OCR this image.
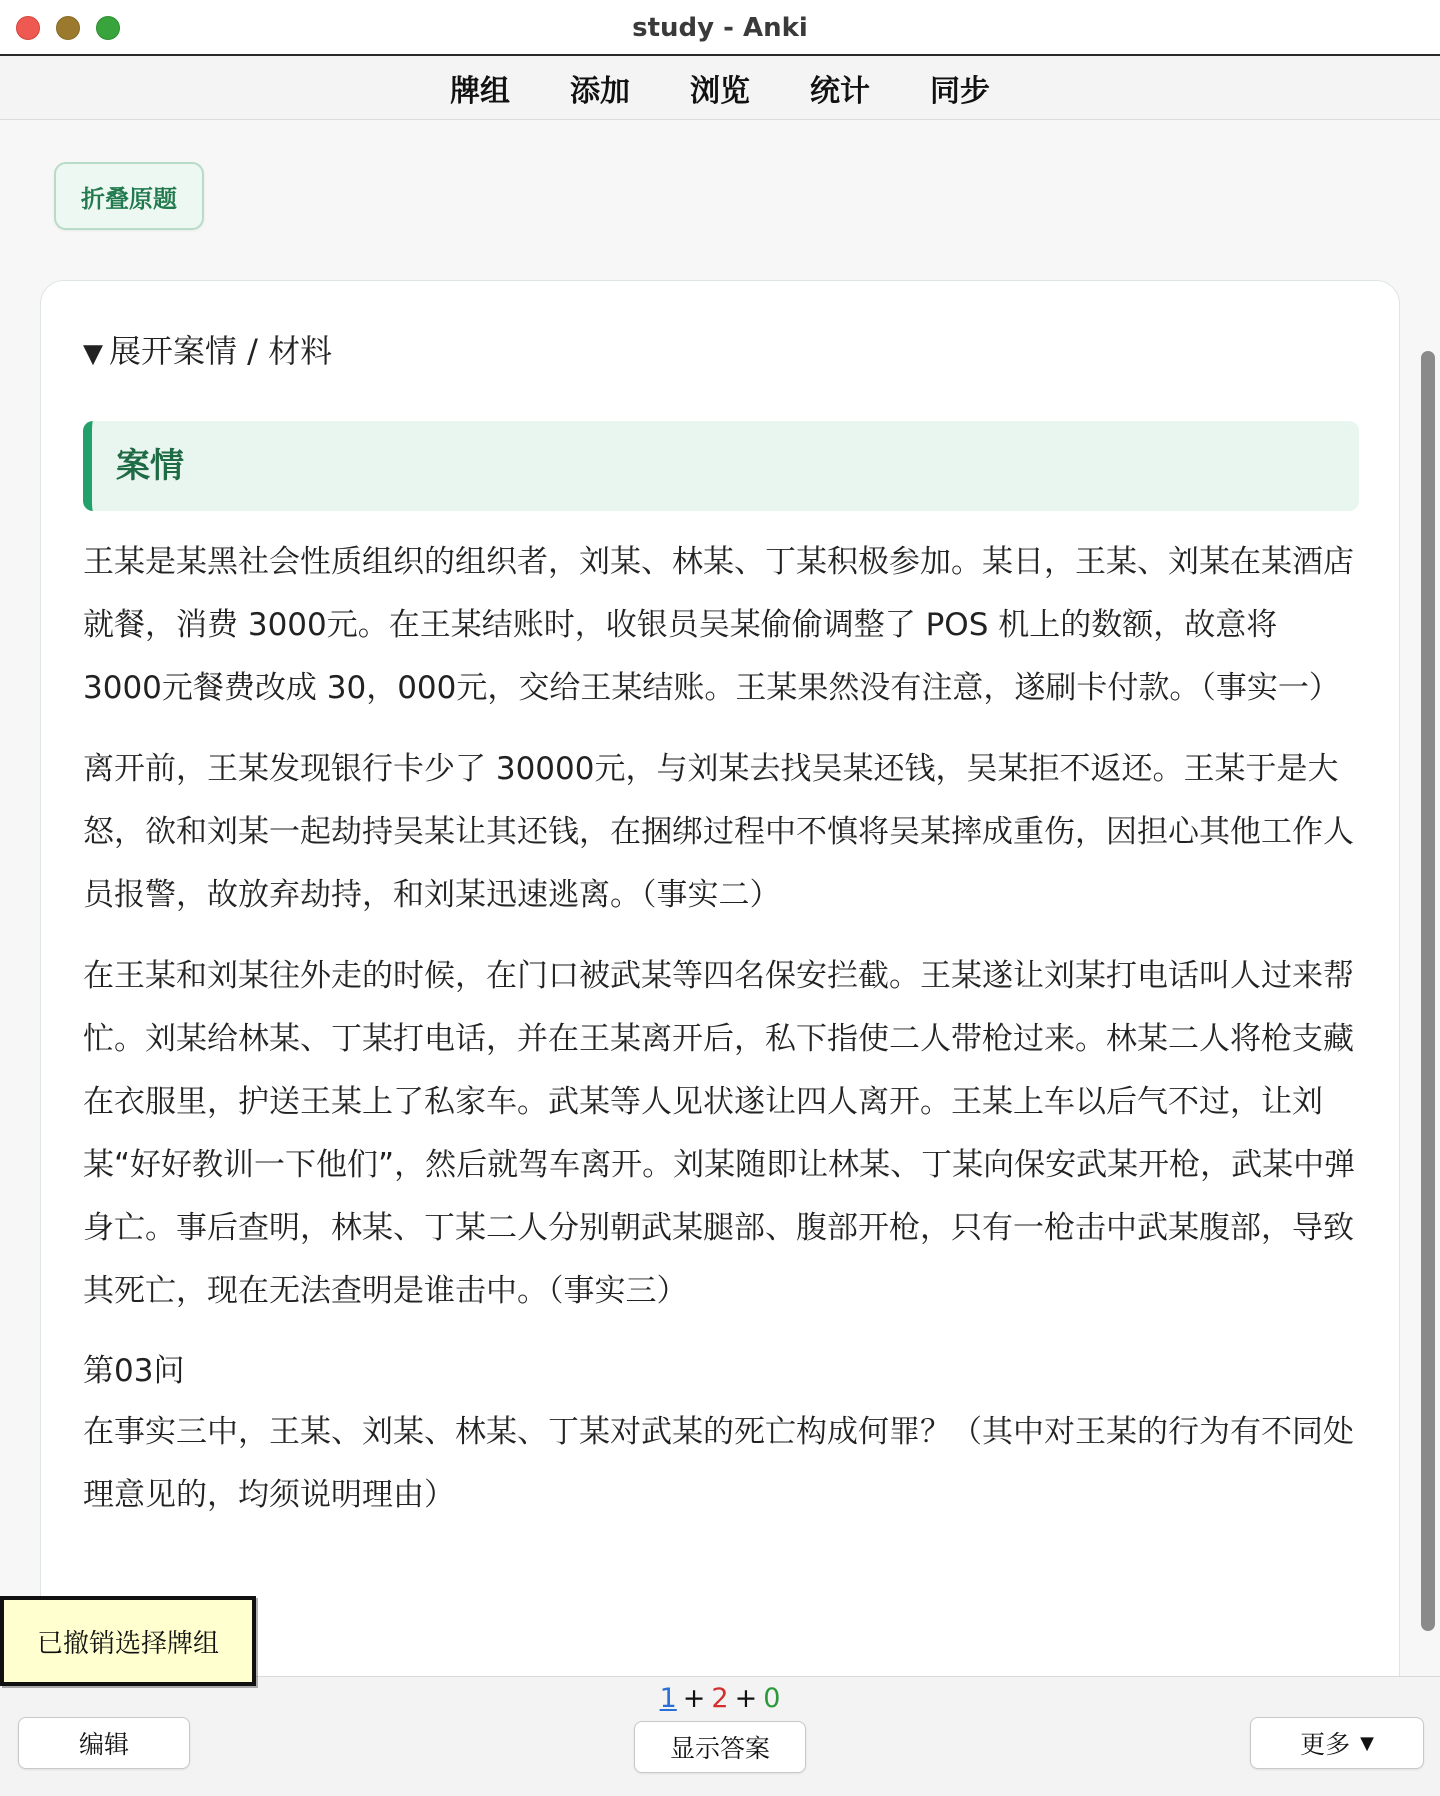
study - Anki
牌组 添加 浏览 统计 同步
折叠原题
▼ 展开案情 / 材料
案情

王某是某黑社会性质组织的组织者，刘某、林某、丁某积极参加。某日，王某、刘某在某酒店就餐，消费 3000元。在王某结账时，收银员吴某偷偷调整了 POS 机上的数额，故意将 3000元餐费改成 30，000元，交给王某结账。王某果然没有注意，遂刷卡付款。（事实一）

离开前，王某发现银行卡少了 30000元，与刘某去找吴某还钱，吴某拒不返还。王某于是大怒，欲和刘某一起劫持吴某让其还钱，在捆绑过程中不慎将吴某摔成重伤，因担心其他工作人员报警，故放弃劫持，和刘某迅速逃离。（事实二）

在王某和刘某往外走的时候，在门口被武某等四名保安拦截。王某遂让刘某打电话叫人过来帮忙。刘某给林某、丁某打电话，并在王某离开后，私下指使二人带枪过来。林某二人将枪支藏在衣服里，护送王某上了私家车。武某等人见状遂让四人离开。王某上车以后气不过，让刘某“好好教训一下他们”，然后就驾车离开。刘某随即让林某、丁某向保安武某开枪，武某中弹身亡。事后查明，林某、丁某二人分别朝武某腿部、腹部开枪，只有一枪击中武某腹部，导致其死亡，现在无法查明是谁击中。（事实三）

第03问

在事实三中，王某、刘某、林某、丁某对武某的死亡构成何罪？（其中对王某的行为有不同处理意见的，均须说明理由）

1 + 2 + 0
编辑	显示答案	更多 ▼
已撤销选择牌组
